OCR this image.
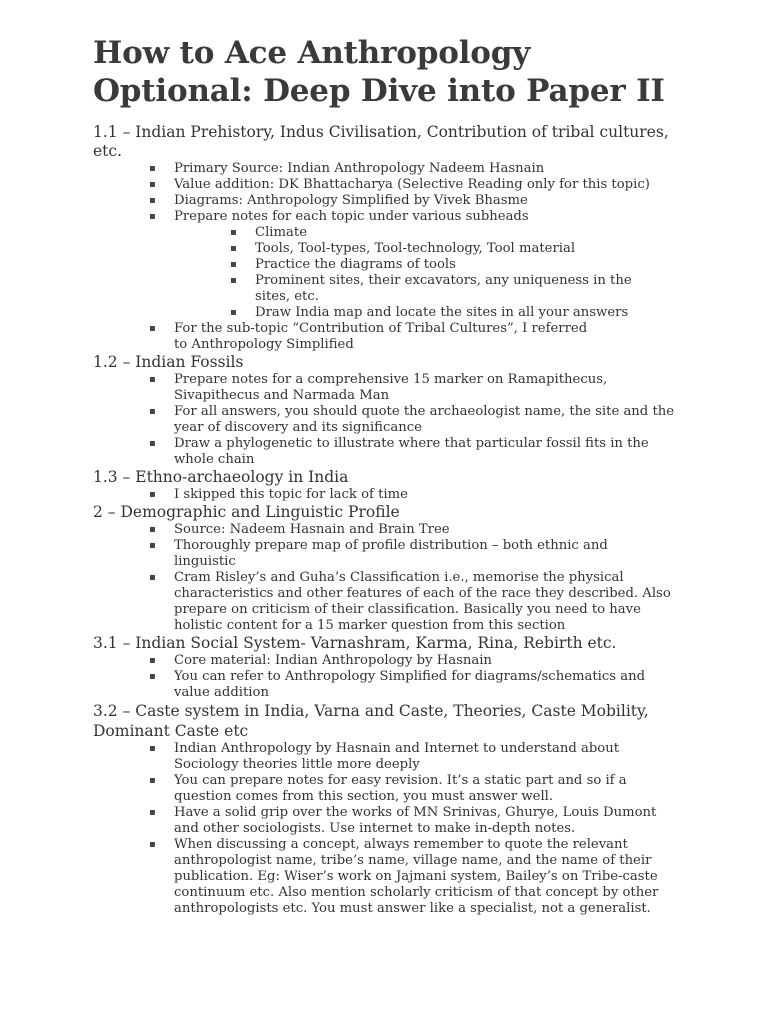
How to Ace Anthropology Optional: Deep Dive into Paper II
1.1 – Indian Prehistory, Indus Civilisation, Contribution of tribal cultures, etc.
▪ Primary Source: Indian Anthropology Nadeem Hasnain
▪ Value addition: DK Bhattacharya (Selective Reading only for this topic)
▪ Diagrams: Anthropology Simplified by Vivek Bhasme
▪ Prepare notes for each topic under various subheads
▪ Climate
▪ Tools, Tool-types, Tool-technology, Tool material
▪ Practice the diagrams of tools
▪ Prominent sites, their excavators, any uniqueness in the sites, etc.
▪ Draw India map and locate the sites in all your answers
▪ For the sub-topic “Contribution of Tribal Cultures”, I referred to Anthropology Simplified
1.2 – Indian Fossils
▪ Prepare notes for a comprehensive 15 marker on Ramapithecus, Sivapithecus and Narmada Man
▪ For all answers, you should quote the archaeologist name, the site and the year of discovery and its significance
▪ Draw a phylogenetic to illustrate where that particular fossil fits in the whole chain
1.3 – Ethno-archaeology in India
▪ I skipped this topic for lack of time
2 – Demographic and Linguistic Profile
▪ Source: Nadeem Hasnain and Brain Tree
▪ Thoroughly prepare map of profile distribution – both ethnic and linguistic
▪ Cram Risley’s and Guha’s Classification i.e., memorise the physical characteristics and other features of each of the race they described. Also prepare on criticism of their classification. Basically you need to have holistic content for a 15 marker question from this section
3.1 – Indian Social System- Varnashram, Karma, Rina, Rebirth etc.
▪ Core material: Indian Anthropology by Hasnain
▪ You can refer to Anthropology Simplified for diagrams/schematics and value addition
3.2 – Caste system in India, Varna and Caste, Theories, Caste Mobility, Dominant Caste etc
▪ Indian Anthropology by Hasnain and Internet to understand about Sociology theories little more deeply
▪ You can prepare notes for easy revision. It’s a static part and so if a question comes from this section, you must answer well.
▪ Have a solid grip over the works of MN Srinivas, Ghurye, Louis Dumont and other sociologists. Use internet to make in-depth notes.
▪ When discussing a concept, always remember to quote the relevant anthropologist name, tribe’s name, village name, and the name of their publication. Eg: Wiser’s work on Jajmani system, Bailey’s on Tribe-caste continuum etc. Also mention scholarly criticism of that concept by other anthropologists etc. You must answer like a specialist, not a generalist.
